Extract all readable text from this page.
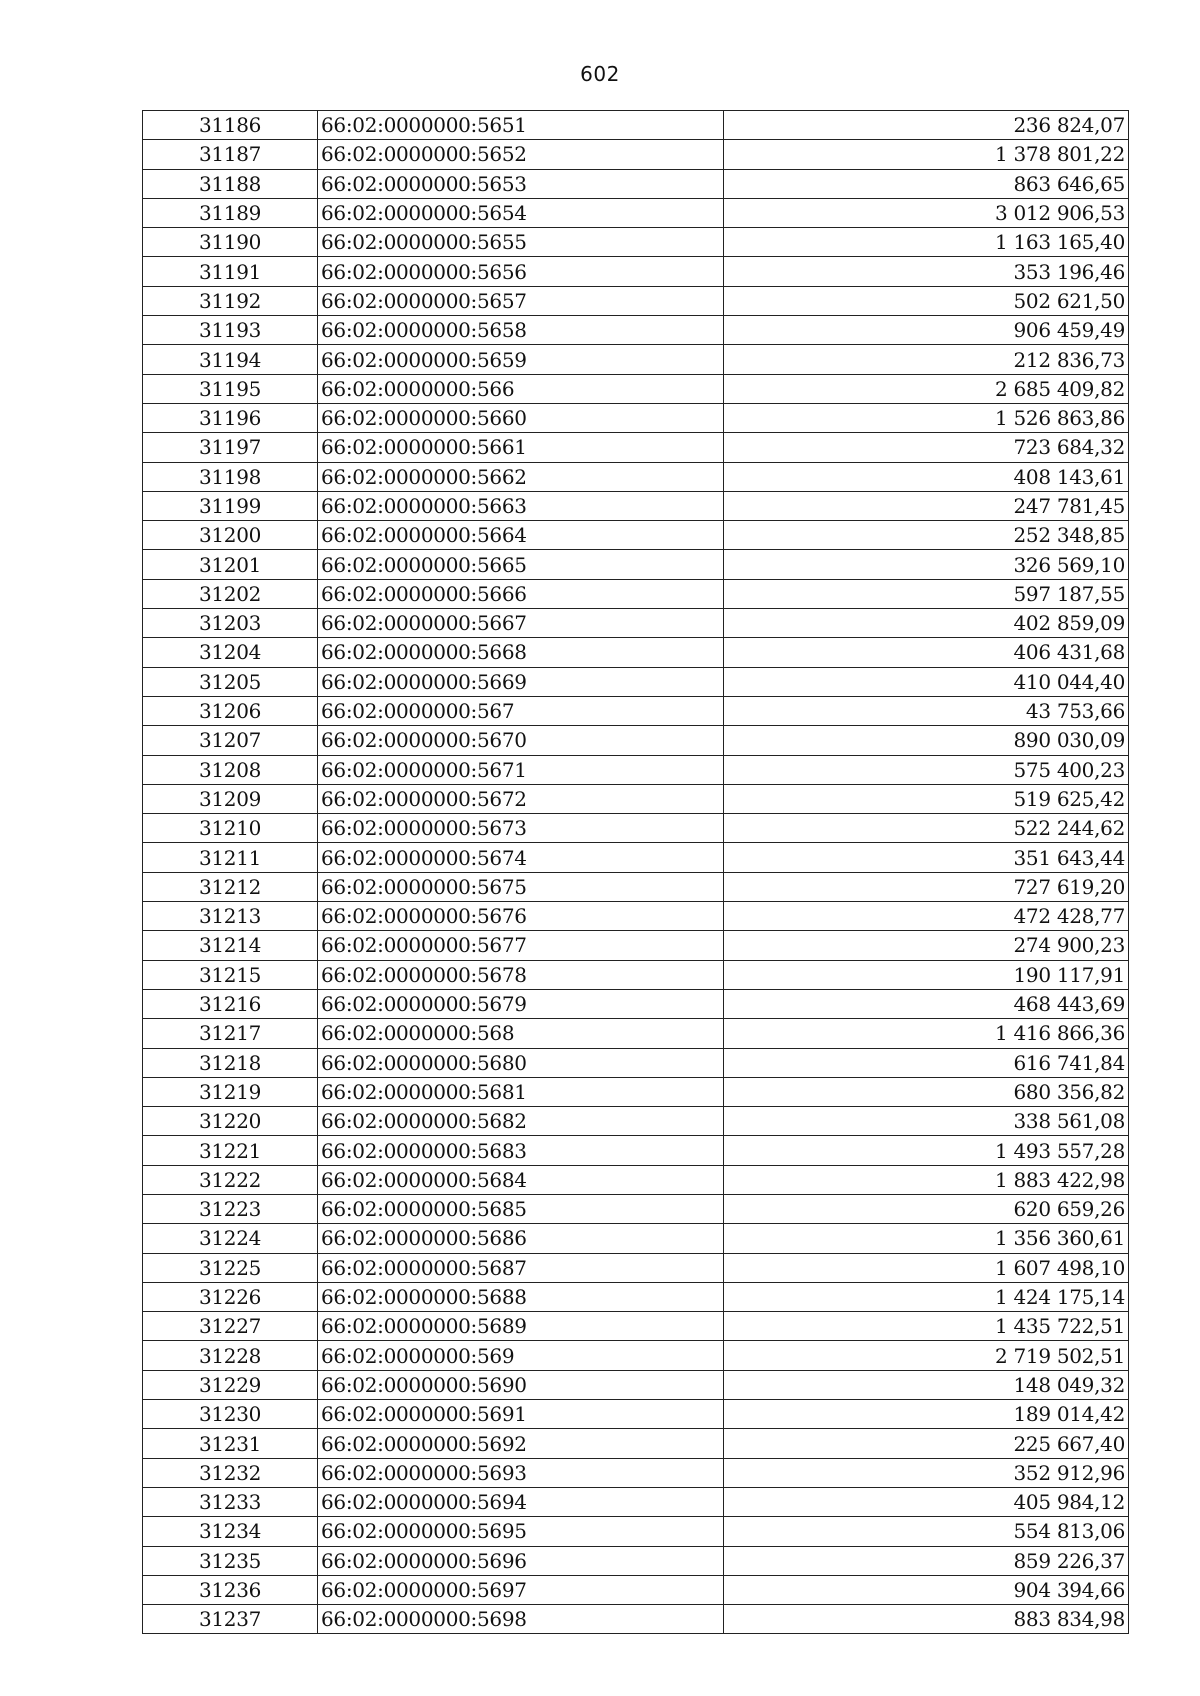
602
31186	66:02:0000000:5651	236 824,07
31187	66:02:0000000:5652	1 378 801,22
31188	66:02:0000000:5653	863 646,65
31189	66:02:0000000:5654	3 012 906,53
31190	66:02:0000000:5655	1 163 165,40
31191	66:02:0000000:5656	353 196,46
31192	66:02:0000000:5657	502 621,50
31193	66:02:0000000:5658	906 459,49
31194	66:02:0000000:5659	212 836,73
31195	66:02:0000000:566	2 685 409,82
31196	66:02:0000000:5660	1 526 863,86
31197	66:02:0000000:5661	723 684,32
31198	66:02:0000000:5662	408 143,61
31199	66:02:0000000:5663	247 781,45
31200	66:02:0000000:5664	252 348,85
31201	66:02:0000000:5665	326 569,10
31202	66:02:0000000:5666	597 187,55
31203	66:02:0000000:5667	402 859,09
31204	66:02:0000000:5668	406 431,68
31205	66:02:0000000:5669	410 044,40
31206	66:02:0000000:567	43 753,66
31207	66:02:0000000:5670	890 030,09
31208	66:02:0000000:5671	575 400,23
31209	66:02:0000000:5672	519 625,42
31210	66:02:0000000:5673	522 244,62
31211	66:02:0000000:5674	351 643,44
31212	66:02:0000000:5675	727 619,20
31213	66:02:0000000:5676	472 428,77
31214	66:02:0000000:5677	274 900,23
31215	66:02:0000000:5678	190 117,91
31216	66:02:0000000:5679	468 443,69
31217	66:02:0000000:568	1 416 866,36
31218	66:02:0000000:5680	616 741,84
31219	66:02:0000000:5681	680 356,82
31220	66:02:0000000:5682	338 561,08
31221	66:02:0000000:5683	1 493 557,28
31222	66:02:0000000:5684	1 883 422,98
31223	66:02:0000000:5685	620 659,26
31224	66:02:0000000:5686	1 356 360,61
31225	66:02:0000000:5687	1 607 498,10
31226	66:02:0000000:5688	1 424 175,14
31227	66:02:0000000:5689	1 435 722,51
31228	66:02:0000000:569	2 719 502,51
31229	66:02:0000000:5690	148 049,32
31230	66:02:0000000:5691	189 014,42
31231	66:02:0000000:5692	225 667,40
31232	66:02:0000000:5693	352 912,96
31233	66:02:0000000:5694	405 984,12
31234	66:02:0000000:5695	554 813,06
31235	66:02:0000000:5696	859 226,37
31236	66:02:0000000:5697	904 394,66
31237	66:02:0000000:5698	883 834,98
